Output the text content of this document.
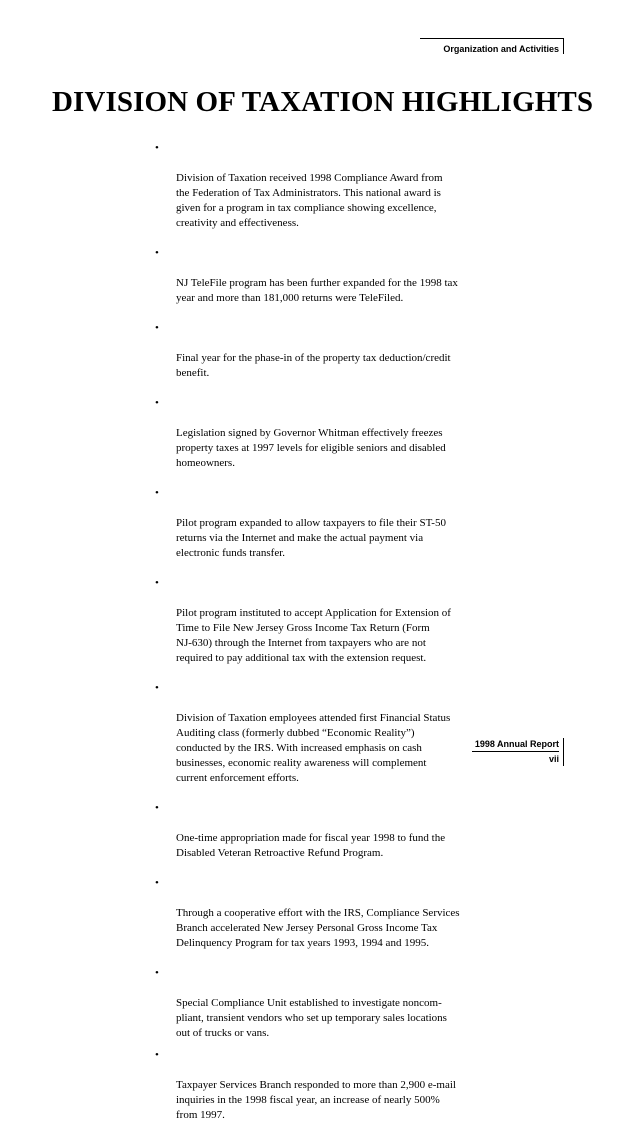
Organization and Activities
DIVISION OF TAXATION HIGHLIGHTS

•

Division of Taxation received 1998 Compliance Award from
the Federation of Tax Administrators. This national award is
given for a program in tax compliance showing excellence,
creativity and effectiveness.

•

NJ TeleFile program has been further expanded for the 1998 tax
year and more than 181,000 returns were TeleFiled.

•

Final year for the phase-in of the property tax deduction/credit
benefit.

•

Legislation signed by Governor Whitman effectively freezes
property taxes at 1997 levels for eligible seniors and disabled
homeowners.

•

Pilot program expanded to allow taxpayers to file their ST-50
returns via the Internet and make the actual payment via
electronic funds transfer.

•

Pilot program instituted to accept Application for Extension of
Time to File New Jersey Gross Income Tax Return (Form
NJ-630) through the Internet from taxpayers who are not
required to pay additional tax with the extension request.

•

Division of Taxation employees attended first Financial Status
Auditing class (formerly dubbed “Economic Reality”)
conducted by the IRS. With increased emphasis on cash
businesses, economic reality awareness will complement
current enforcement efforts.

•

One-time appropriation made for fiscal year 1998 to fund the
Disabled Veteran Retroactive Refund Program.

•

Through a cooperative effort with the IRS, Compliance Services
Branch accelerated New Jersey Personal Gross Income Tax
Delinquency Program for tax years 1993, 1994 and 1995.

•

Special Compliance Unit established to investigate noncom-
pliant, transient vendors who set up temporary sales locations
out of trucks or vans.

•

Taxpayer Services Branch responded to more than 2,900 e-mail
inquiries in the 1998 fiscal year, an increase of nearly 500%
from 1997.

1998 Annual Report
vii
